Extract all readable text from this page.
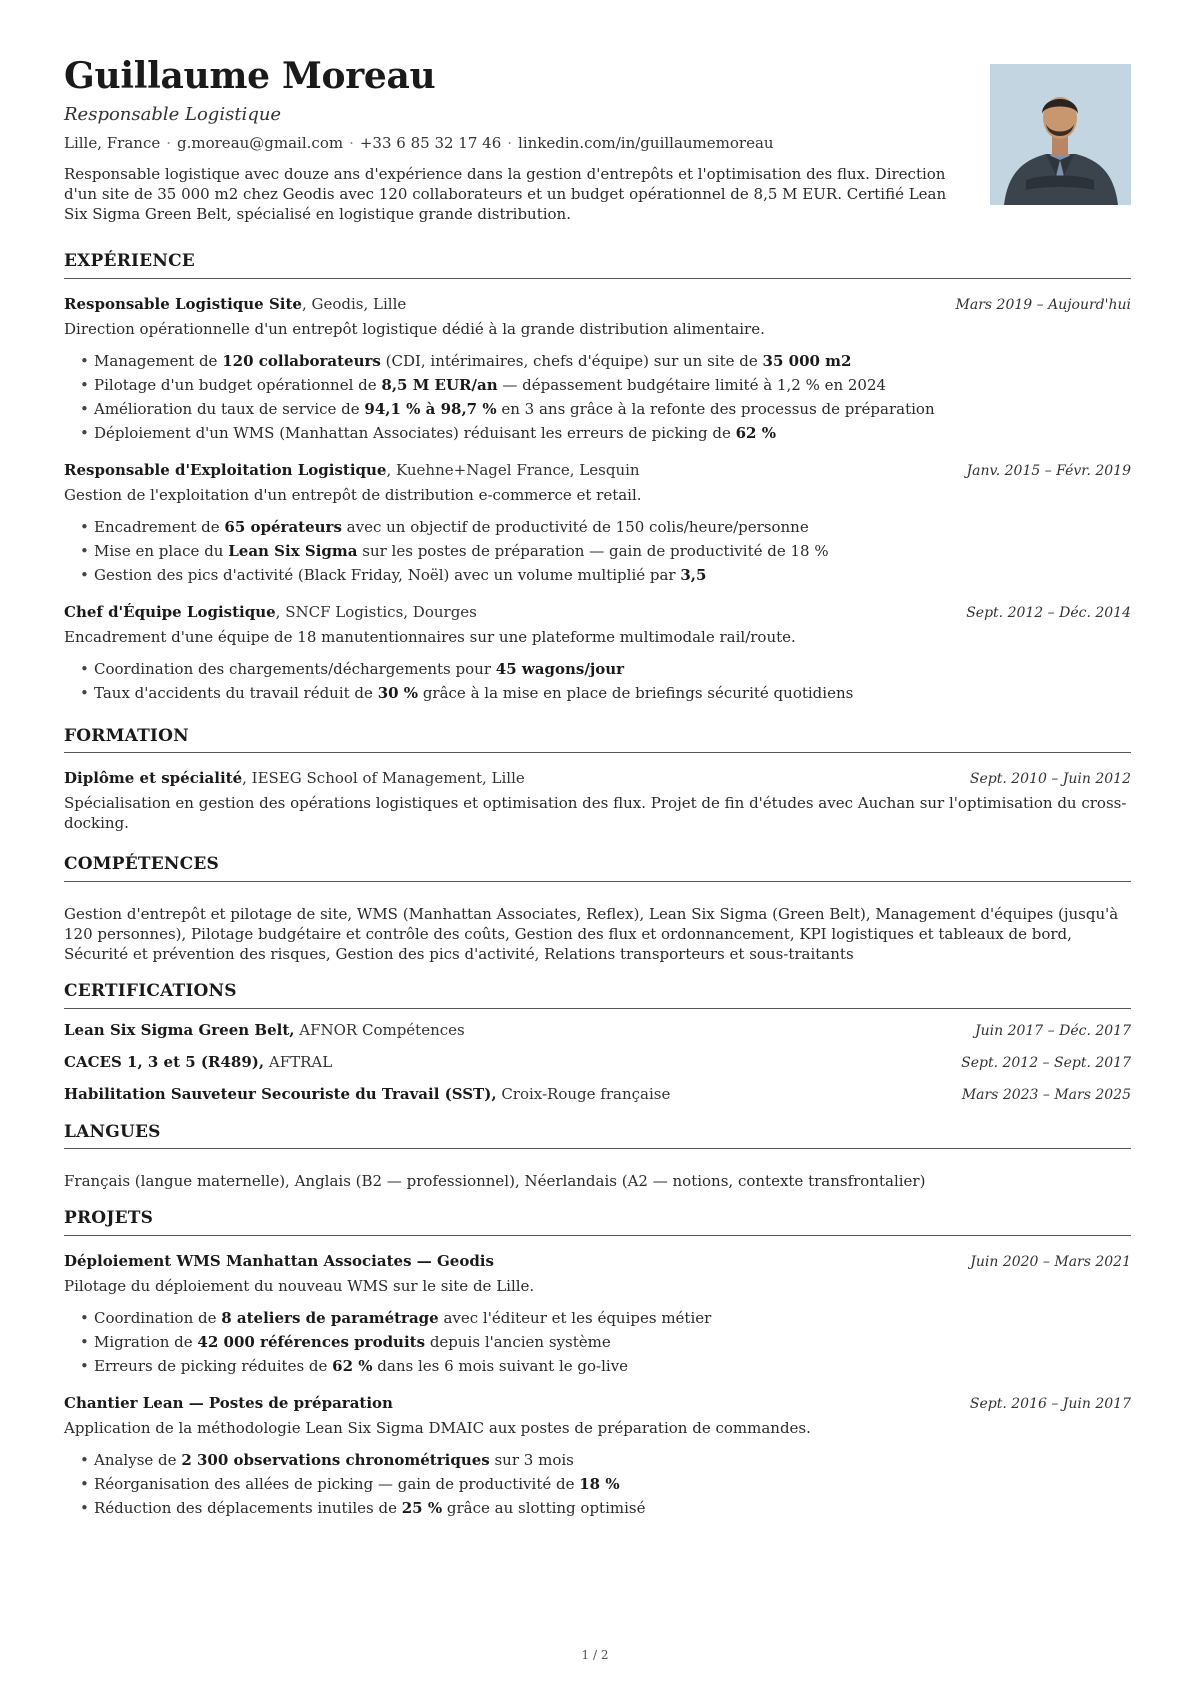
Guillaume Moreau
Responsable Logistique
Lille, France · g.moreau@gmail.com · +33 6 85 32 17 46 · linkedin.com/in/guillaumemoreau
Responsable logistique avec douze ans d'expérience dans la gestion d'entrepôts et l'optimisation des flux. Direction d'un site de 35 000 m2 chez Geodis avec 120 collaborateurs et un budget opérationnel de 8,5 M EUR. Certifié Lean Six Sigma Green Belt, spécialisé en logistique grande distribution.
EXPÉRIENCE
Responsable Logistique Site, Geodis, Lille	Mars 2019 – Aujourd'hui
Direction opérationnelle d'un entrepôt logistique dédié à la grande distribution alimentaire.
• Management de 120 collaborateurs (CDI, intérimaires, chefs d'équipe) sur un site de 35 000 m2
• Pilotage d'un budget opérationnel de 8,5 M EUR/an — dépassement budgétaire limité à 1,2 % en 2024
• Amélioration du taux de service de 94,1 % à 98,7 % en 3 ans grâce à la refonte des processus de préparation
• Déploiement d'un WMS (Manhattan Associates) réduisant les erreurs de picking de 62 %
Responsable d'Exploitation Logistique, Kuehne+Nagel France, Lesquin	Janv. 2015 – Févr. 2019
Gestion de l'exploitation d'un entrepôt de distribution e-commerce et retail.
• Encadrement de 65 opérateurs avec un objectif de productivité de 150 colis/heure/personne
• Mise en place du Lean Six Sigma sur les postes de préparation — gain de productivité de 18 %
• Gestion des pics d'activité (Black Friday, Noël) avec un volume multiplié par 3,5
Chef d'Équipe Logistique, SNCF Logistics, Dourges	Sept. 2012 – Déc. 2014
Encadrement d'une équipe de 18 manutentionnaires sur une plateforme multimodale rail/route.
• Coordination des chargements/déchargements pour 45 wagons/jour
• Taux d'accidents du travail réduit de 30 % grâce à la mise en place de briefings sécurité quotidiens
FORMATION
Diplôme et spécialité, IESEG School of Management, Lille	Sept. 2010 – Juin 2012
Spécialisation en gestion des opérations logistiques et optimisation des flux. Projet de fin d'études avec Auchan sur l'optimisation du cross-docking.
COMPÉTENCES
Gestion d'entrepôt et pilotage de site, WMS (Manhattan Associates, Reflex), Lean Six Sigma (Green Belt), Management d'équipes (jusqu'à 120 personnes), Pilotage budgétaire et contrôle des coûts, Gestion des flux et ordonnancement, KPI logistiques et tableaux de bord, Sécurité et prévention des risques, Gestion des pics d'activité, Relations transporteurs et sous-traitants
CERTIFICATIONS
Lean Six Sigma Green Belt, AFNOR Compétences	Juin 2017 – Déc. 2017
CACES 1, 3 et 5 (R489), AFTRAL	Sept. 2012 – Sept. 2017
Habilitation Sauveteur Secouriste du Travail (SST), Croix-Rouge française	Mars 2023 – Mars 2025
LANGUES
Français (langue maternelle), Anglais (B2 — professionnel), Néerlandais (A2 — notions, contexte transfrontalier)
PROJETS
Déploiement WMS Manhattan Associates — Geodis	Juin 2020 – Mars 2021
Pilotage du déploiement du nouveau WMS sur le site de Lille.
• Coordination de 8 ateliers de paramétrage avec l'éditeur et les équipes métier
• Migration de 42 000 références produits depuis l'ancien système
• Erreurs de picking réduites de 62 % dans les 6 mois suivant le go-live
Chantier Lean — Postes de préparation	Sept. 2016 – Juin 2017
Application de la méthodologie Lean Six Sigma DMAIC aux postes de préparation de commandes.
• Analyse de 2 300 observations chronométriques sur 3 mois
• Réorganisation des allées de picking — gain de productivité de 18 %
• Réduction des déplacements inutiles de 25 % grâce au slotting optimisé
1 / 2
